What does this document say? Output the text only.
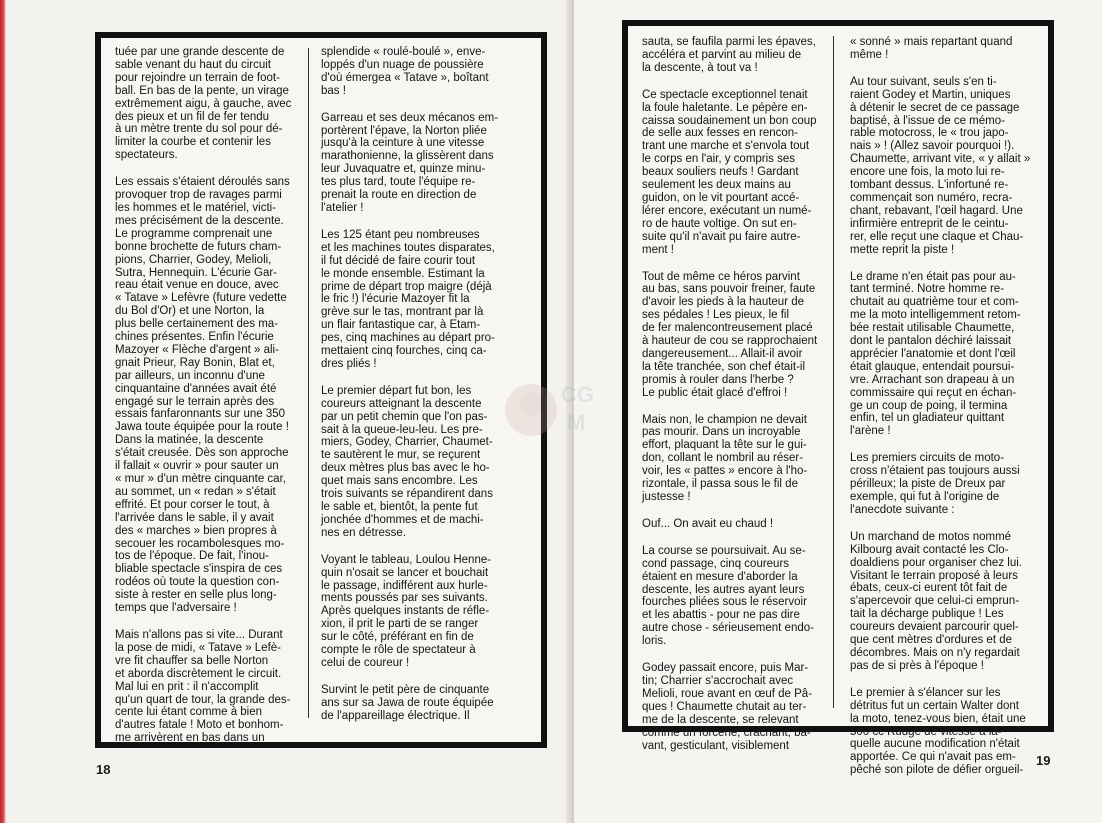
tuée par une grande descente de
sable venant du haut du circuit
pour rejoindre un terrain de foot-
ball. En bas de la pente, un virage
extrêmement aigu, à gauche, avec
des pieux et un fil de fer tendu
à un mètre trente du sol pour dé-
limiter la courbe et contenir les
spectateurs.

Les essais s'étaient déroulés sans
provoquer trop de ravages parmi
les hommes et le matériel, victi-
mes précisément de la descente.
Le programme comprenait une
bonne brochette de futurs cham-
pions, Charrier, Godey, Melioli,
Sutra, Hennequin. L'écurie Gar-
reau était venue en douce, avec
« Tatave » Lefèvre (future vedette
du Bol d'Or) et une Norton, la
plus belle certainement des ma-
chines présentes. Enfin l'écurie
Mazoyer « Flèche d'argent » ali-
gnait Prieur, Ray Bonin, Blat et,
par ailleurs, un inconnu d'une
cinquantaine d'années avait été
engagé sur le terrain après des
essais fanfaronnants sur une 350
Jawa toute équipée pour la route !
Dans la matinée, la descente
s'était creusée. Dès son approche
il fallait « ouvrir » pour sauter un
« mur » d'un mètre cinquante car,
au sommet, un « redan » s'était
effrité. Et pour corser le tout, à
l'arrivée dans le sable, il y avait
des « marches » bien propres à
secouer les rocambolesques mo-
tos de l'époque. De fait, l'inou-
bliable spectacle s'inspira de ces
rodéos où toute la question con-
siste à rester en selle plus long-
temps que l'adversaire !

Mais n'allons pas si vite... Durant
la pose de midi, « Tatave » Lefè-
vre fit chauffer sa belle Norton
et aborda discrètement le circuit.
Mal lui en prit : il n'accomplit
qu'un quart de tour, la grande des-
cente lui étant comme à bien
d'autres fatale ! Moto et bonhom-
me arrivèrent en bas dans un

splendide « roulé-boulé », enve-
loppés d'un nuage de poussière
d'où émergea « Tatave », boîtant
bas !

Garreau et ses deux mécanos em-
portèrent l'épave, la Norton pliée
jusqu'à la ceinture à une vitesse
marathonienne, la glissèrent dans
leur Juvaquatre et, quinze minu-
tes plus tard, toute l'équipe re-
prenait la route en direction de
l'atelier !

Les 125 étant peu nombreuses
et les machines toutes disparates,
il fut décidé de faire courir tout
le monde ensemble. Estimant la
prime de départ trop maigre (déjà
le fric !) l'écurie Mazoyer fit la
grève sur le tas, montrant par là
un flair fantastique car, à Etam-
pes, cinq machines au départ pro-
mettaient cinq fourches, cinq ca-
dres pliés !

Le premier départ fut bon, les
coureurs atteignant la descente
par un petit chemin que l'on pas-
sait à la queue-leu-leu. Les pre-
miers, Godey, Charrier, Chaumet-
te sautèrent le mur, se reçurent
deux mètres plus bas avec le ho-
quet mais sans encombre. Les
trois suivants se répandirent dans
le sable et, bientôt, la pente fut
jonchée d'hommes et de machi-
nes en détresse.

Voyant le tableau, Loulou Henne-
quin n'osait se lancer et bouchait
le passage, indifférent aux hurle-
ments poussés par ses suivants.
Après quelques instants de réfle-
xion, il prit le parti de se ranger
sur le côté, préférant en fin de
compte le rôle de spectateur à
celui de coureur !

Survint le petit père de cinquante
ans sur sa Jawa de route équipée
de l'appareillage électrique. Il

18

sauta, se faufila parmi les épaves,
accéléra et parvint au milieu de
la descente, à tout va !

Ce spectacle exceptionnel tenait
la foule haletante. Le pépère en-
caissa soudainement un bon coup
de selle aux fesses en rencon-
trant une marche et s'envola tout
le corps en l'air, y compris ses
beaux souliers neufs ! Gardant
seulement les deux mains au
guidon, on le vit pourtant accé-
lérer encore, exécutant un numé-
ro de haute voltige. On sut en-
suite qu'il n'avait pu faire autre-
ment !

Tout de même ce héros parvint
au bas, sans pouvoir freiner, faute
d'avoir les pieds à la hauteur de
ses pédales ! Les pieux, le fil
de fer malencontreusement placé
à hauteur de cou se rapprochaient
dangereusement... Allait-il avoir
la tête tranchée, son chef était-il
promis à rouler dans l'herbe ?
Le public était glacé d'effroi !

Mais non, le champion ne devait
pas mourir. Dans un incroyable
effort, plaquant la tête sur le gui-
don, collant le nombril au réser-
voir, les « pattes » encore à l'ho-
rizontale, il passa sous le fil de
justesse !

Ouf... On avait eu chaud !

La course se poursuivait. Au se-
cond passage, cinq coureurs
étaient en mesure d'aborder la
descente, les autres ayant leurs
fourches pliées sous le réservoir
et les abattis - pour ne pas dire
autre chose - sérieusement endo-
loris.

Godey passait encore, puis Mar-
tin; Charrier s'accrochait avec
Melioli, roue avant en œuf de Pâ-
ques ! Chaumette chutait au ter-
me de la descente, se relevant
comme un forcené, crachant, ba-
vant, gesticulant, visiblement

« sonné » mais repartant quand
même !

Au tour suivant, seuls s'en ti-
raient Godey et Martin, uniques
à détenir le secret de ce passage
baptisé, à l'issue de ce mémo-
rable motocross, le « trou japo-
nais » ! (Allez savoir pourquoi !).
Chaumette, arrivant vite, « y allait »
encore une fois, la moto lui re-
tombant dessus. L'infortuné re-
commençait son numéro, recra-
chant, rebavant, l'œil hagard. Une
infirmière entreprit de le ceintu-
rer, elle reçut une claque et Chau-
mette reprit la piste !

Le drame n'en était pas pour au-
tant terminé. Notre homme re-
chutait au quatrième tour et com-
me la moto intelligemment retom-
bée restait utilisable Chaumette,
dont le pantalon déchiré laissait
apprécier l'anatomie et dont l'œil
était glauque, entendait poursui-
vre. Arrachant son drapeau à un
commissaire qui reçut en échan-
ge un coup de poing, il termina
enfin, tel un gladiateur quittant
l'arène !

Les premiers circuits de moto-
cross n'étaient pas toujours aussi
périlleux; la piste de Dreux par
exemple, qui fut à l'origine de
l'anecdote suivante :

Un marchand de motos nommé
Kilbourg avait contacté les Clo-
doaldiens pour organiser chez lui.
Visitant le terrain proposé à leurs
ébats, ceux-ci eurent tôt fait de
s'apercevoir que celui-ci emprun-
tait la décharge publique ! Les
coureurs devaient parcourir quel-
que cent mètres d'ordures et de
décombres. Mais on n'y regardait
pas de si près à l'époque !

Le premier à s'élancer sur les
détritus fut un certain Walter dont
la moto, tenez-vous bien, était une
500 cc Rudge de vitesse à la-
quelle aucune modification n'était
apportée. Ce qui n'avait pas em-
pêché son pilote de défier orgueil-

19
CG
M
